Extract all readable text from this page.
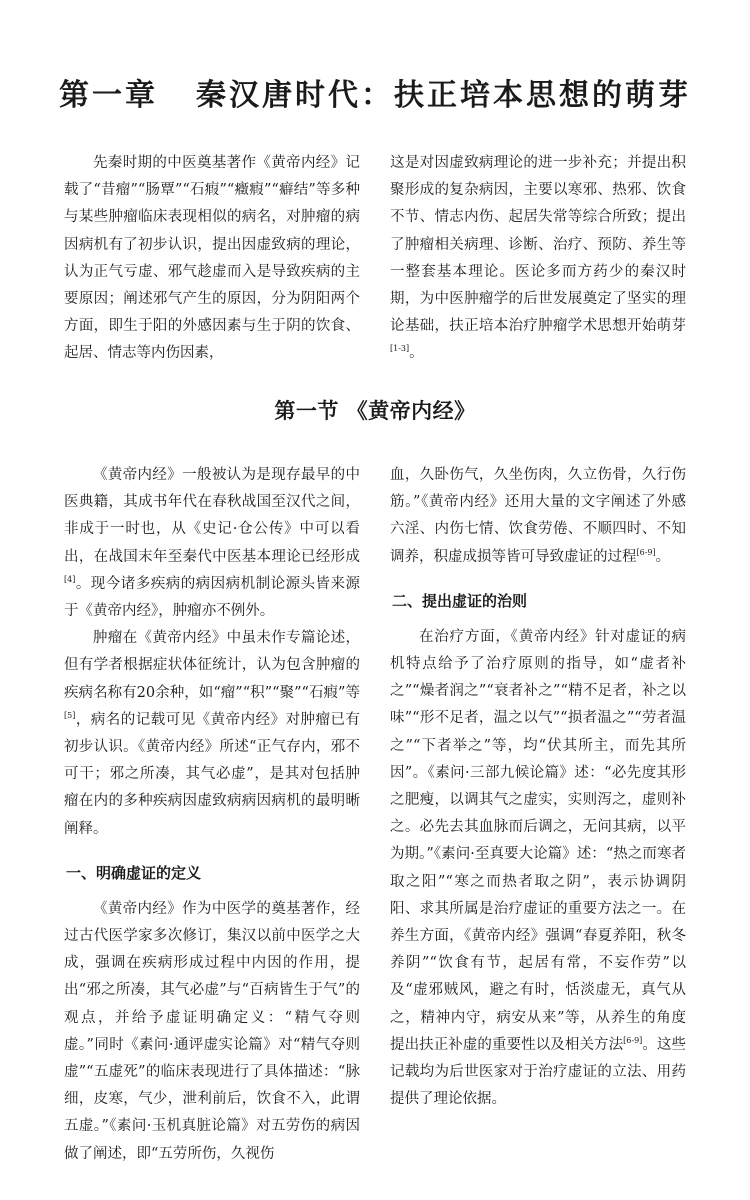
第一章 秦汉唐时代：扶正培本思想的萌芽

先秦时期的中医奠基著作《黄帝内经》记载了“昔瘤”“肠覃”“石瘕”“癥瘕”“癖结”等多种与某些肿瘤临床表现相似的病名，对肿瘤的病因病机有了初步认识，提出因虚致病的理论，认为正气亏虚、邪气趁虚而入是导致疾病的主要原因；阐述邪气产生的原因，分为阴阳两个方面，即生于阳的外感因素与生于阴的饮食、起居、情志等内伤因素，

这是对因虚致病理论的进一步补充；并提出积聚形成的复杂病因，主要以寒邪、热邪、饮食不节、情志内伤、起居失常等综合所致；提出了肿瘤相关病理、诊断、治疗、预防、养生等一整套基本理论。医论多而方药少的秦汉时期，为中医肿瘤学的后世发展奠定了坚实的理论基础，扶正培本治疗肿瘤学术思想开始萌芽[1-3]。

第一节 《黄帝内经》

《黄帝内经》一般被认为是现存最早的中医典籍，其成书年代在春秋战国至汉代之间，非成于一时也，从《史记·仓公传》中可以看出，在战国末年至秦代中医基本理论已经形成[4]。现今诸多疾病的病因病机制论源头皆来源于《黄帝内经》，肿瘤亦不例外。

肿瘤在《黄帝内经》中虽未作专篇论述，但有学者根据症状体征统计，认为包含肿瘤的疾病名称有20余种，如“瘤”“积”“聚”“石瘕”等[5]，病名的记载可见《黄帝内经》对肿瘤已有初步认识。《黄帝内经》所述“正气存内，邪不可干；邪之所凑，其气必虚”，是其对包括肿瘤在内的多种疾病因虚致病病因病机的最明晰阐释。

一、明确虚证的定义

《黄帝内经》作为中医学的奠基著作，经过古代医学家多次修订，集汉以前中医学之大成，强调在疾病形成过程中内因的作用，提出“邪之所凑，其气必虚”与“百病皆生于气”的观点，并给予虚证明确定义：“精气夺则虚。”同时《素问·通评虚实论篇》对“精气夺则虚”“五虚死”的临床表现进行了具体描述：“脉细，皮寒，气少，泄利前后，饮食不入，此谓五虚。”《素问·玉机真脏论篇》对五劳伤的病因做了阐述，即“五劳所伤，久视伤

血，久卧伤气，久坐伤肉，久立伤骨，久行伤筋。”《黄帝内经》还用大量的文字阐述了外感六淫、内伤七情、饮食劳倦、不顺四时、不知调养，积虚成损等皆可导致虚证的过程[6-9]。

二、提出虚证的治则

在治疗方面，《黄帝内经》针对虚证的病机特点给予了治疗原则的指导，如“虚者补之”“燥者润之”“衰者补之”“精不足者，补之以味”“形不足者，温之以气”“损者温之”“劳者温之”“下者举之”等，均“伏其所主，而先其所因”。《素问·三部九候论篇》述：“必先度其形之肥瘦，以调其气之虚实，实则泻之，虚则补之。必先去其血脉而后调之，无问其病，以平为期。”《素问·至真要大论篇》述：“热之而寒者取之阳”“寒之而热者取之阴”，表示协调阴阳、求其所属是治疗虚证的重要方法之一。在养生方面，《黄帝内经》强调“春夏养阳，秋冬养阴”“饮食有节，起居有常，不妄作劳”以及“虚邪贼风，避之有时，恬淡虚无，真气从之，精神内守，病安从来”等，从养生的角度提出扶正补虚的重要性以及相关方法[6-9]。这些记载均为后世医家对于治疗虚证的立法、用药提供了理论依据。
